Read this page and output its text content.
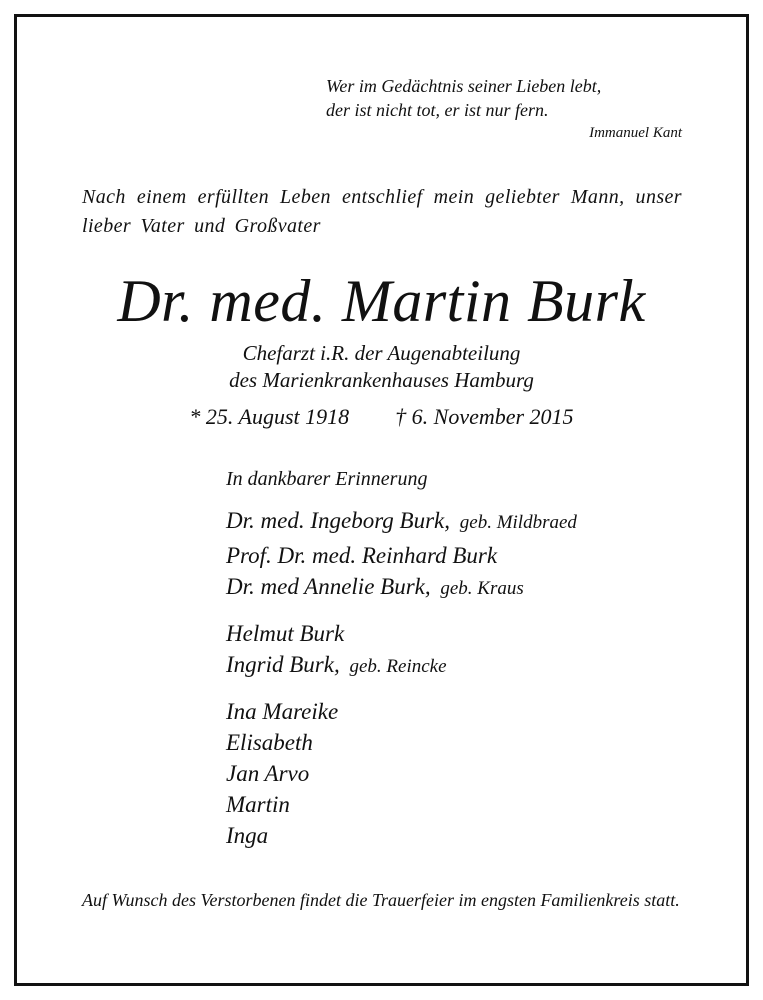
Wer im Gedächtnis seiner Lieben lebt,
der ist nicht tot, er ist nur fern.
Immanuel Kant
Nach einem erfüllten Leben entschlief mein geliebter Mann, unser lieber Vater und Großvater
Dr. med. Martin Burk
Chefarzt i.R. der Augenabteilung
des Marienkrankenhauses Hamburg
* 25. August 1918 † 6. November 2015
In dankbarer Erinnerung
Dr. med. Ingeborg Burk, geb. Mildbraed
Prof. Dr. med. Reinhard Burk
Dr. med Annelie Burk, geb. Kraus
Helmut Burk
Ingrid Burk, geb. Reincke
Ina Mareike
Elisabeth
Jan Arvo
Martin
Inga
Auf Wunsch des Verstorbenen findet die Trauerfeier im engsten Familienkreis statt.
